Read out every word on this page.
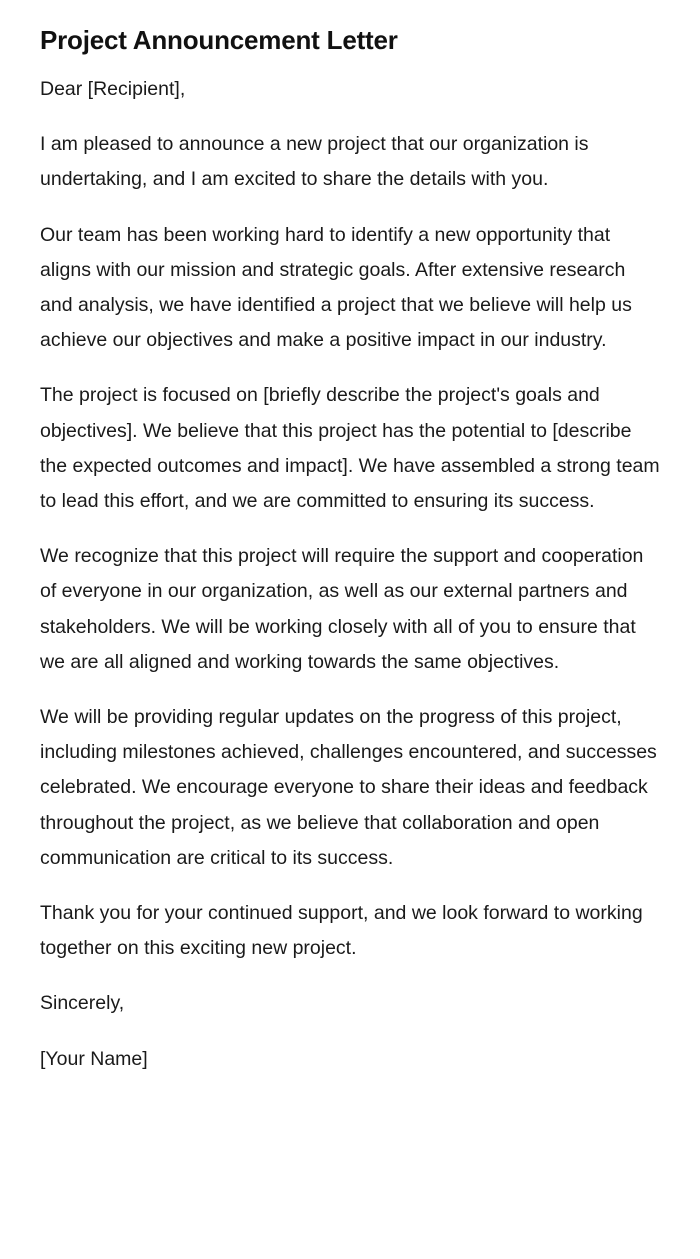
Project Announcement Letter

Dear [Recipient],

I am pleased to announce a new project that our organization is undertaking, and I am excited to share the details with you.

Our team has been working hard to identify a new opportunity that aligns with our mission and strategic goals. After extensive research and analysis, we have identified a project that we believe will help us achieve our objectives and make a positive impact in our industry.

The project is focused on [briefly describe the project's goals and objectives]. We believe that this project has the potential to [describe the expected outcomes and impact]. We have assembled a strong team to lead this effort, and we are committed to ensuring its success.

We recognize that this project will require the support and cooperation of everyone in our organization, as well as our external partners and stakeholders. We will be working closely with all of you to ensure that we are all aligned and working towards the same objectives.

We will be providing regular updates on the progress of this project, including milestones achieved, challenges encountered, and successes celebrated. We encourage everyone to share their ideas and feedback throughout the project, as we believe that collaboration and open communication are critical to its success.

Thank you for your continued support, and we look forward to working together on this exciting new project.

Sincerely,

[Your Name]
